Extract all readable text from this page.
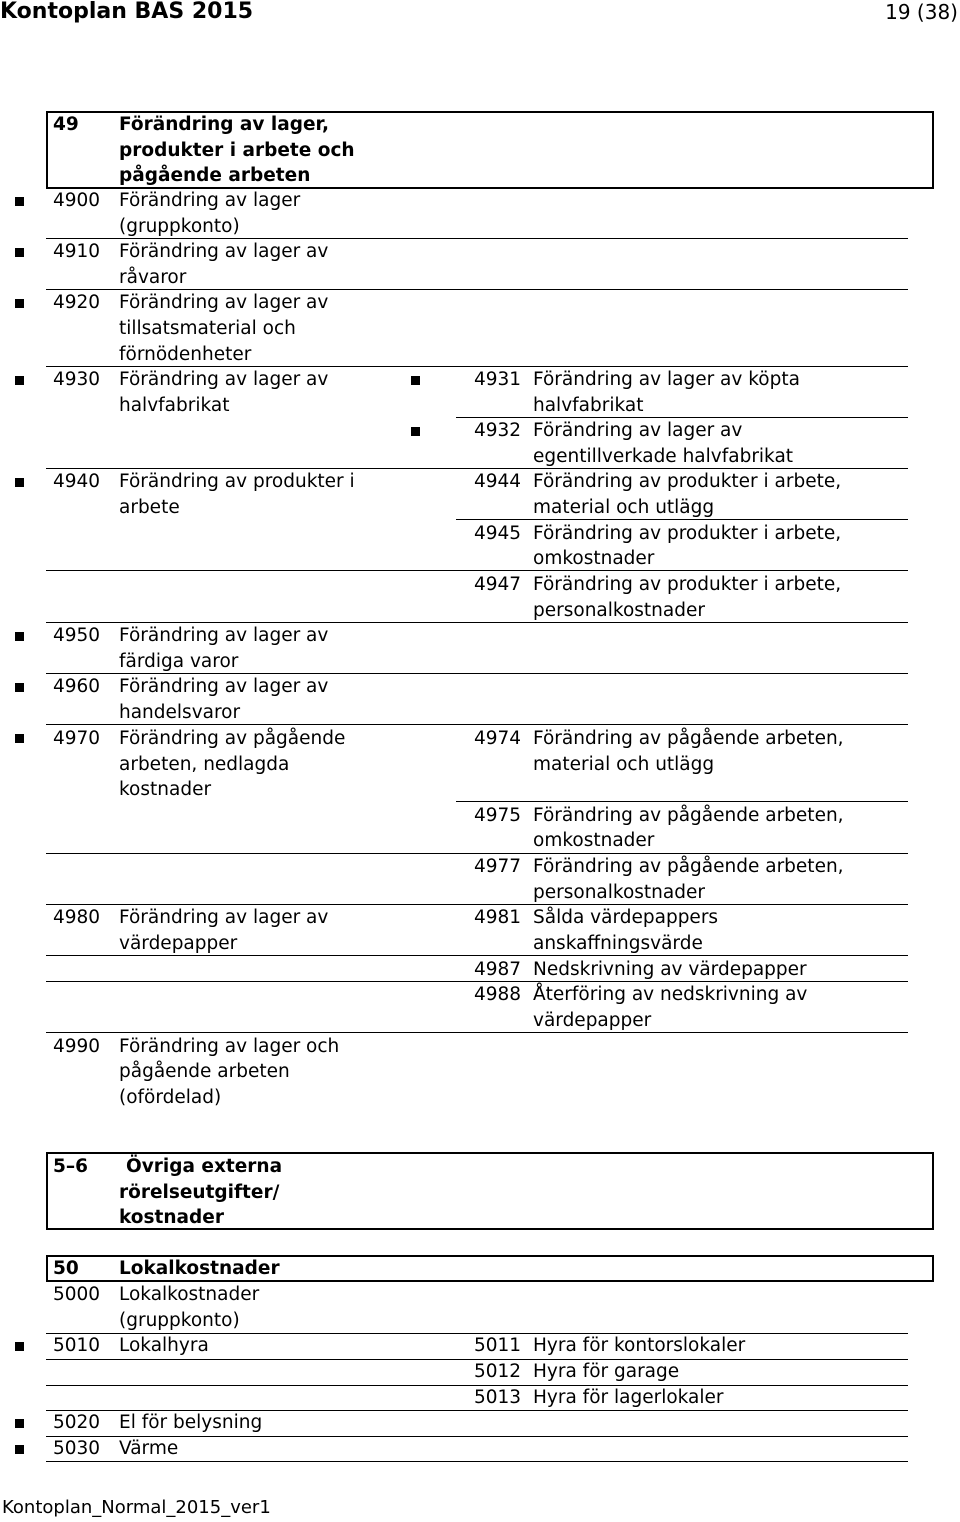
Kontoplan BAS 2015	19 (38)
49 Förändring av lager,
produkter i arbete och
pågående arbeten
4900 Förändring av lager
(gruppkonto)
4910 Förändring av lager av
råvaror
4920 Förändring av lager av
tillsatsmaterial och
förnödenheter
4930 Förändring av lager av
halvfabrikat
4931 Förändring av lager av köpta
halvfabrikat
4932 Förändring av lager av
egentillverkade halvfabrikat
4940 Förändring av produkter i
arbete
4944 Förändring av produkter i arbete,
material och utlägg
4945 Förändring av produkter i arbete,
omkostnader
4947 Förändring av produkter i arbete,
personalkostnader
4950 Förändring av lager av
färdiga varor
4960 Förändring av lager av
handelsvaror
4970 Förändring av pågående
arbeten, nedlagda
kostnader
4974 Förändring av pågående arbeten,
material och utlägg
4975 Förändring av pågående arbeten,
omkostnader
4977 Förändring av pågående arbeten,
personalkostnader
4980 Förändring av lager av
värdepapper
4981 Sålda värdepappers
anskaffningsvärde
4987 Nedskrivning av värdepapper
4988 Återföring av nedskrivning av
värdepapper
4990 Förändring av lager och
pågående arbeten
(ofördelad)
5–6 Övriga externa
rörelseutgifter/
kostnader
50 Lokalkostnader
5000 Lokalkostnader
(gruppkonto)
5010 Lokalhyra	5011 Hyra för kontorslokaler
5012 Hyra för garage
5013 Hyra för lagerlokaler
5020 El för belysning
5030 Värme
Kontoplan_Normal_2015_ver1
